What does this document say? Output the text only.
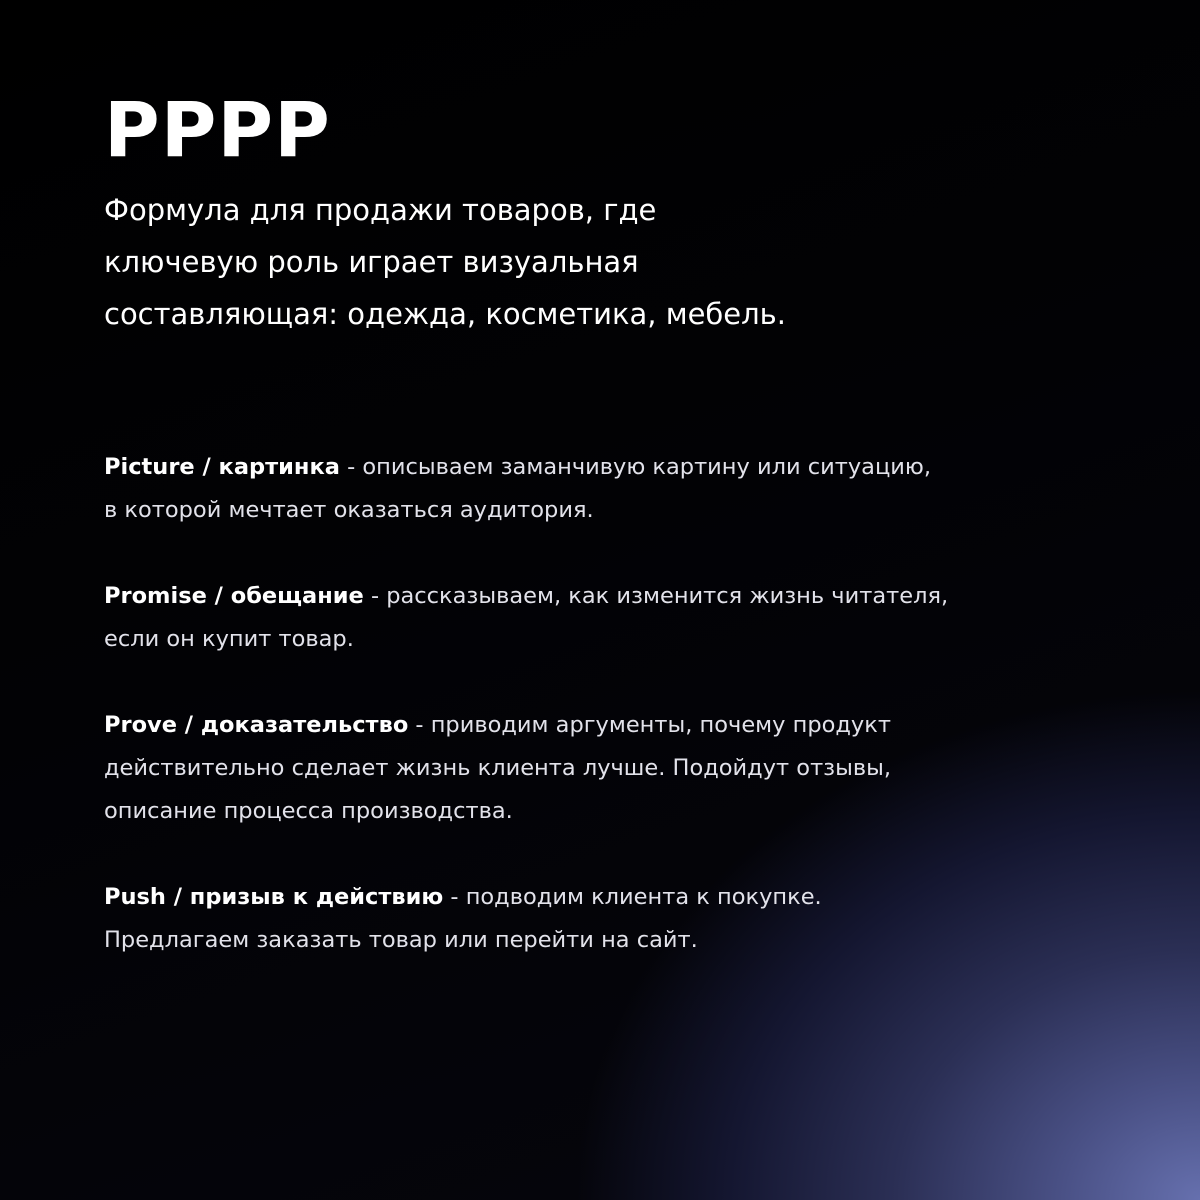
PPPP

Формула для продажи товаров, где
ключевую роль играет визуальная
составляющая: одежда, косметика, мебель.

Picture / картинка - описываем заманчивую картину или ситуацию,
в которой мечтает оказаться аудитория.

Promise / обещание - рассказываем, как изменится жизнь читателя,
если он купит товар.

Prove / доказательство - приводим аргументы, почему продукт
действительно сделает жизнь клиента лучше. Подойдут отзывы,
описание процесса производства.

Push / призыв к действию - подводим клиента к покупке.
Предлагаем заказать товар или перейти на сайт.
